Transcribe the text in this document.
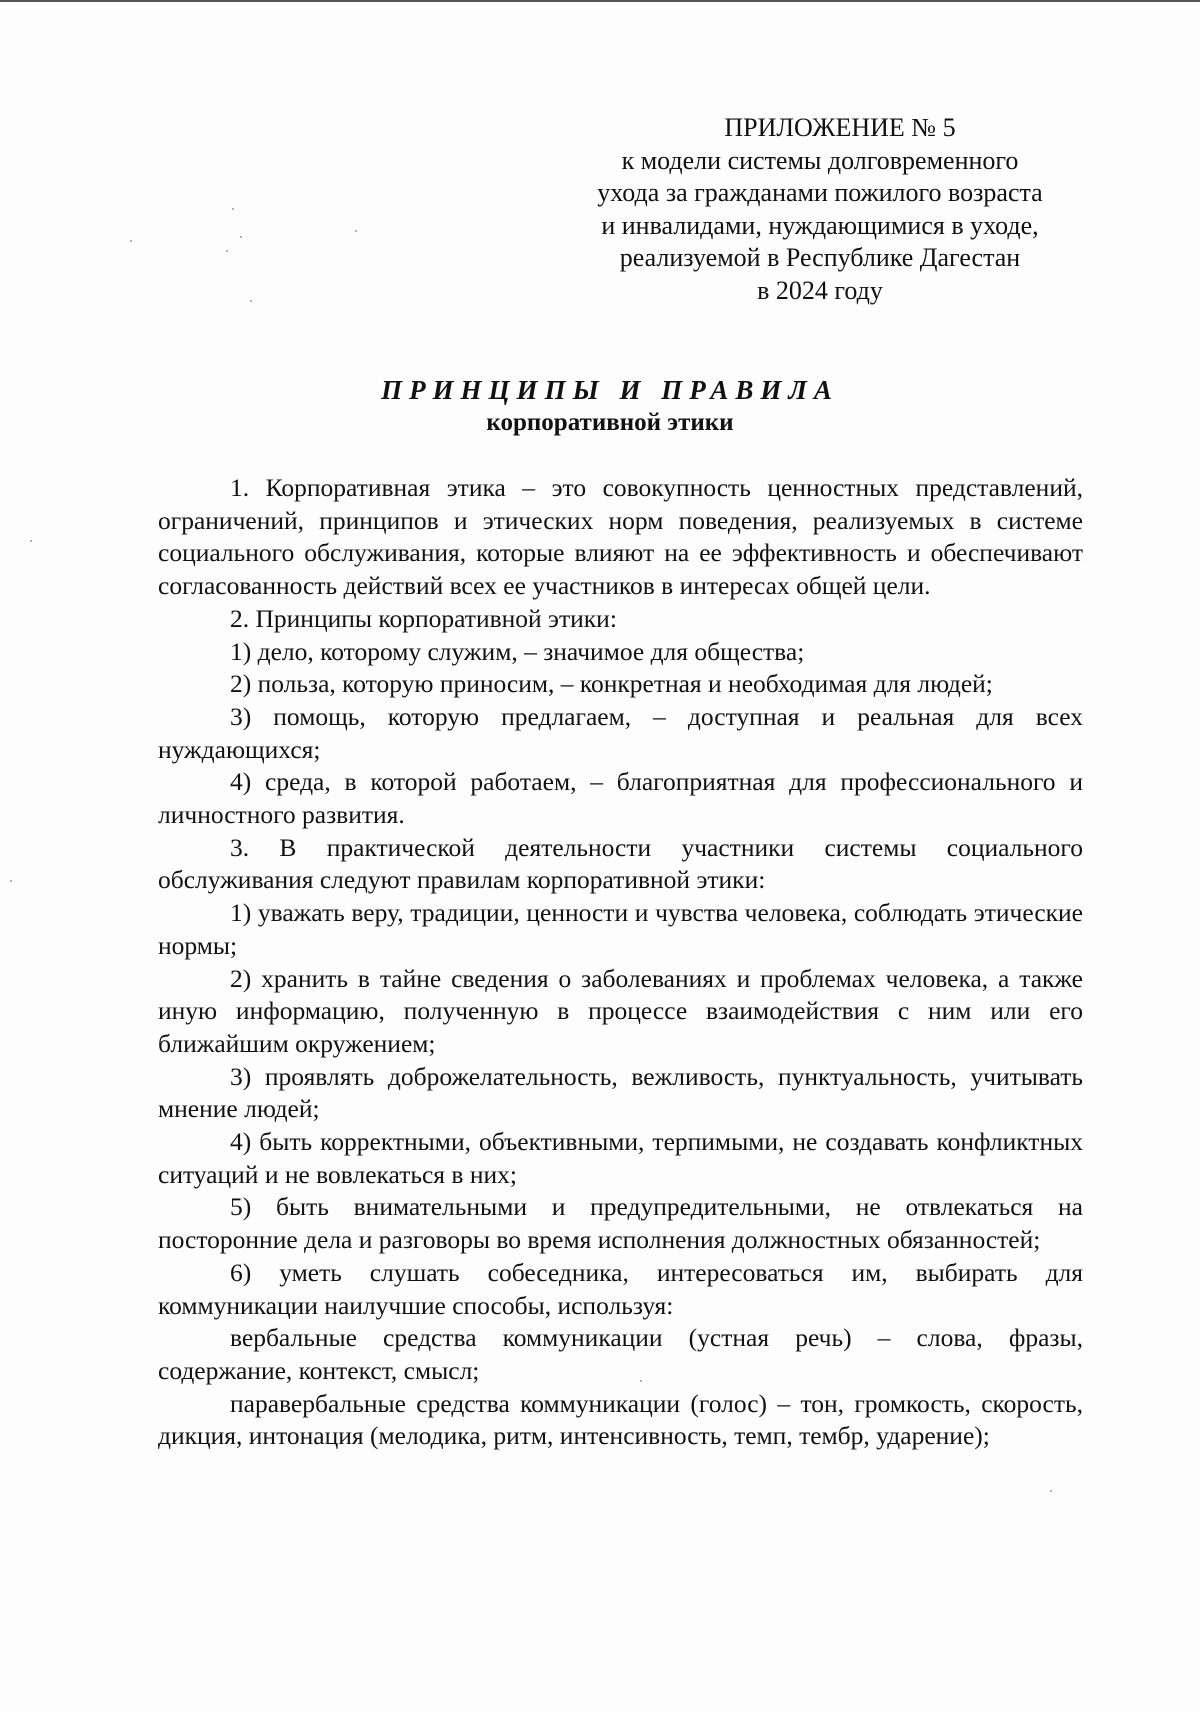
ПРИЛОЖЕНИЕ № 5
к модели системы долговременного
ухода за гражданами пожилого возраста
и инвалидами, нуждающимися в уходе,
реализуемой в Республике Дагестан
в 2024 году
ПРИНЦИПЫ И ПРАВИЛА
корпоративной этики

1. Корпоративная этика – это совокупность ценностных представлений, ограничений, принципов и этических норм поведения, реализуемых в системе социального обслуживания, которые влияют на ее эффективность и обеспечивают согласованность действий всех ее участников в интересах общей цели.

2. Принципы корпоративной этики:

1) дело, которому служим, – значимое для общества;

2) польза, которую приносим, – конкретная и необходимая для людей;

3) помощь, которую предлагаем, – доступная и реальная для всех нуждающихся;

4) среда, в которой работаем, – благоприятная для профессионального и личностного развития.

3. В практической деятельности участники системы социального обслуживания следуют правилам корпоративной этики:

1) уважать веру, традиции, ценности и чувства человека, соблюдать этические нормы;

2) хранить в тайне сведения о заболеваниях и проблемах человека, а также иную информацию, полученную в процессе взаимодействия с ним или его ближайшим окружением;

3) проявлять доброжелательность, вежливость, пунктуальность, учитывать мнение людей;

4) быть корректными, объективными, терпимыми, не создавать конфликтных ситуаций и не вовлекаться в них;

5) быть внимательными и предупредительными, не отвлекаться на посторонние дела и разговоры во время исполнения должностных обязанностей;

6) уметь слушать собеседника, интересоваться им, выбирать для коммуникации наилучшие способы, используя:

вербальные средства коммуникации (устная речь) – слова, фразы, содержание, контекст, смысл;

паравербальные средства коммуникации (голос) – тон, громкость, скорость, дикция, интонация (мелодика, ритм, интенсивность, темп, тембр, ударение);
